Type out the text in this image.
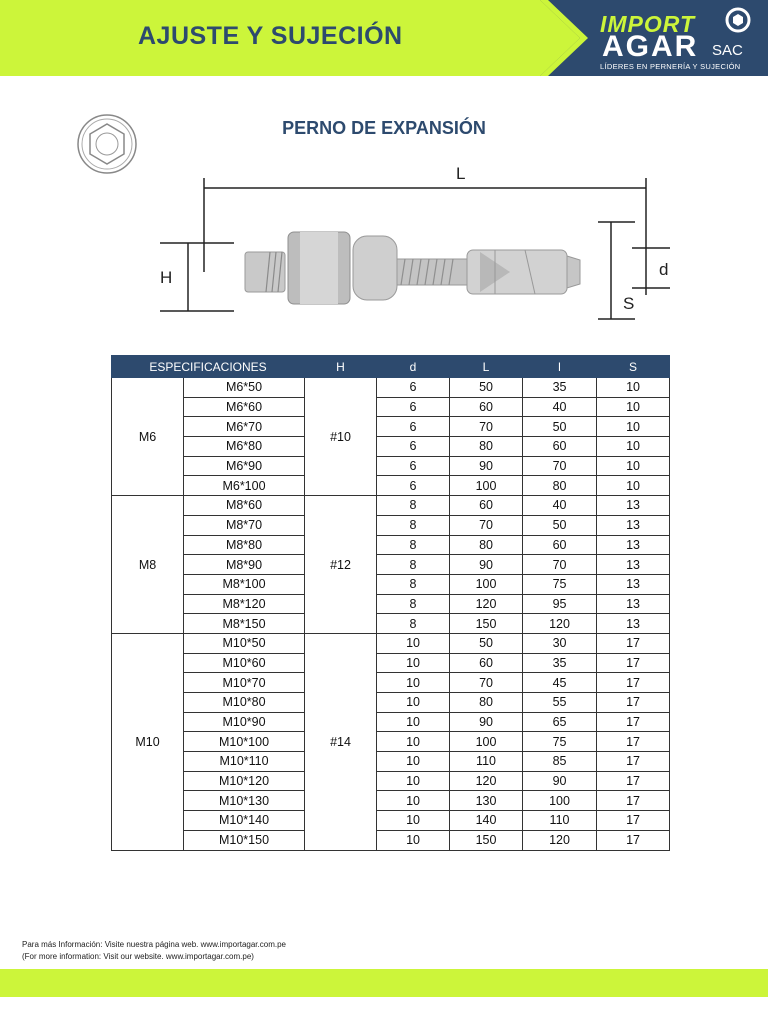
AJUSTE Y SUJECIÓN	IMPORT
AGAR SAC
LÍDERES EN PERNERÍA Y SUJECIÓN
PERNO DE EXPANSIÓN
L
H	d
S
ESPECIFICACIONES		H	d	L	l	S
M6	M6*50	#10	6	50	35	10
	M6*60		6	60	40	10
	M6*70		6	70	50	10
	M6*80		6	80	60	10
	M6*90		6	90	70	10
	M6*100		6	100	80	10
M8	M8*60	#12	8	60	40	13
	M8*70		8	70	50	13
	M8*80		8	80	60	13
	M8*90		8	90	70	13
	M8*100		8	100	75	13
	M8*120		8	120	95	13
	M8*150		8	150	120	13
M10	M10*50	#14	10	50	30	17
	M10*60		10	60	35	17
	M10*70		10	70	45	17
	M10*80		10	80	55	17
	M10*90		10	90	65	17
	M10*100		10	100	75	17
	M10*110		10	110	85	17
	M10*120		10	120	90	17
	M10*130		10	130	100	17
	M10*140		10	140	110	17
	M10*150		10	150	120	17
Para más Información: Visite nuestra página web. www.importagar.com.pe
(For more information: Visit our website. www.importagar.com.pe)
